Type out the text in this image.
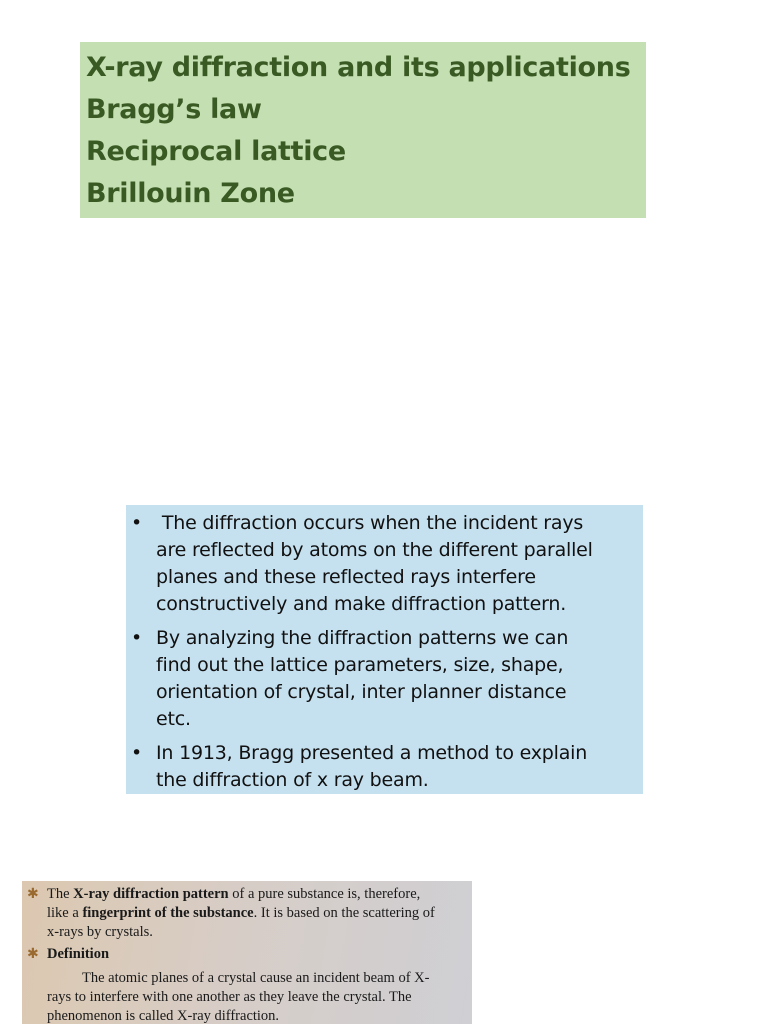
X-ray diffraction and its applications
Bragg’s law
Reciprocal lattice
Brillouin Zone
• The diffraction occurs when the incident rays
are reflected by atoms on the different parallel
planes and these reflected rays interfere
constructively and make diffraction pattern.
• By analyzing the diffraction patterns we can
find out the lattice parameters, size, shape,
orientation of crystal, inter planner distance
etc.
• In 1913, Bragg presented a method to explain
the diffraction of x ray beam.
✱ The X-ray diffraction pattern of a pure substance is, therefore,
like a fingerprint of the substance. It is based on the scattering of
x-rays by crystals.
✱ Definition
The atomic planes of a crystal cause an incident beam of X-
rays to interfere with one another as they leave the crystal. The
phenomenon is called X-ray diffraction.
